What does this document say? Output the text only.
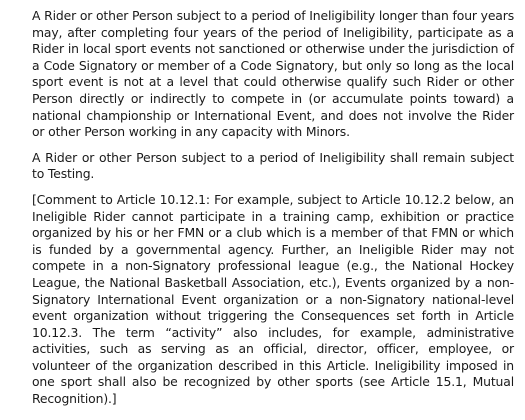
A Rider or other Person subject to a period of Ineligibility longer than four years may, after completing four years of the period of Ineligibility, participate as a Rider in local sport events not sanctioned or otherwise under the jurisdiction of a Code Signatory or member of a Code Signatory, but only so long as the local sport event is not at a level that could otherwise qualify such Rider or other Person directly or indirectly to compete in (or accumulate points toward) a national championship or International Event, and does not involve the Rider or other Person working in any capacity with Minors.

A Rider or other Person subject to a period of Ineligibility shall remain subject to Testing.

[Comment to Article 10.12.1: For example, subject to Article 10.12.2 below, an Ineligible Rider cannot participate in a training camp, exhibition or practice organized by his or her FMN or a club which is a member of that FMN or which is funded by a governmental agency. Further, an Ineligible Rider may not compete in a non-Signatory professional league (e.g., the National Hockey League, the National Basketball Association, etc.), Events organized by a non-Signatory International Event organization or a non-Signatory national-level event organization without triggering the Consequences set forth in Article 10.12.3. The term “activity” also includes, for example, administrative activities, such as serving as an official, director, officer, employee, or volunteer of the organization described in this Article. Ineligibility imposed in one sport shall also be recognized by other sports (see Article 15.1, Mutual Recognition).]
